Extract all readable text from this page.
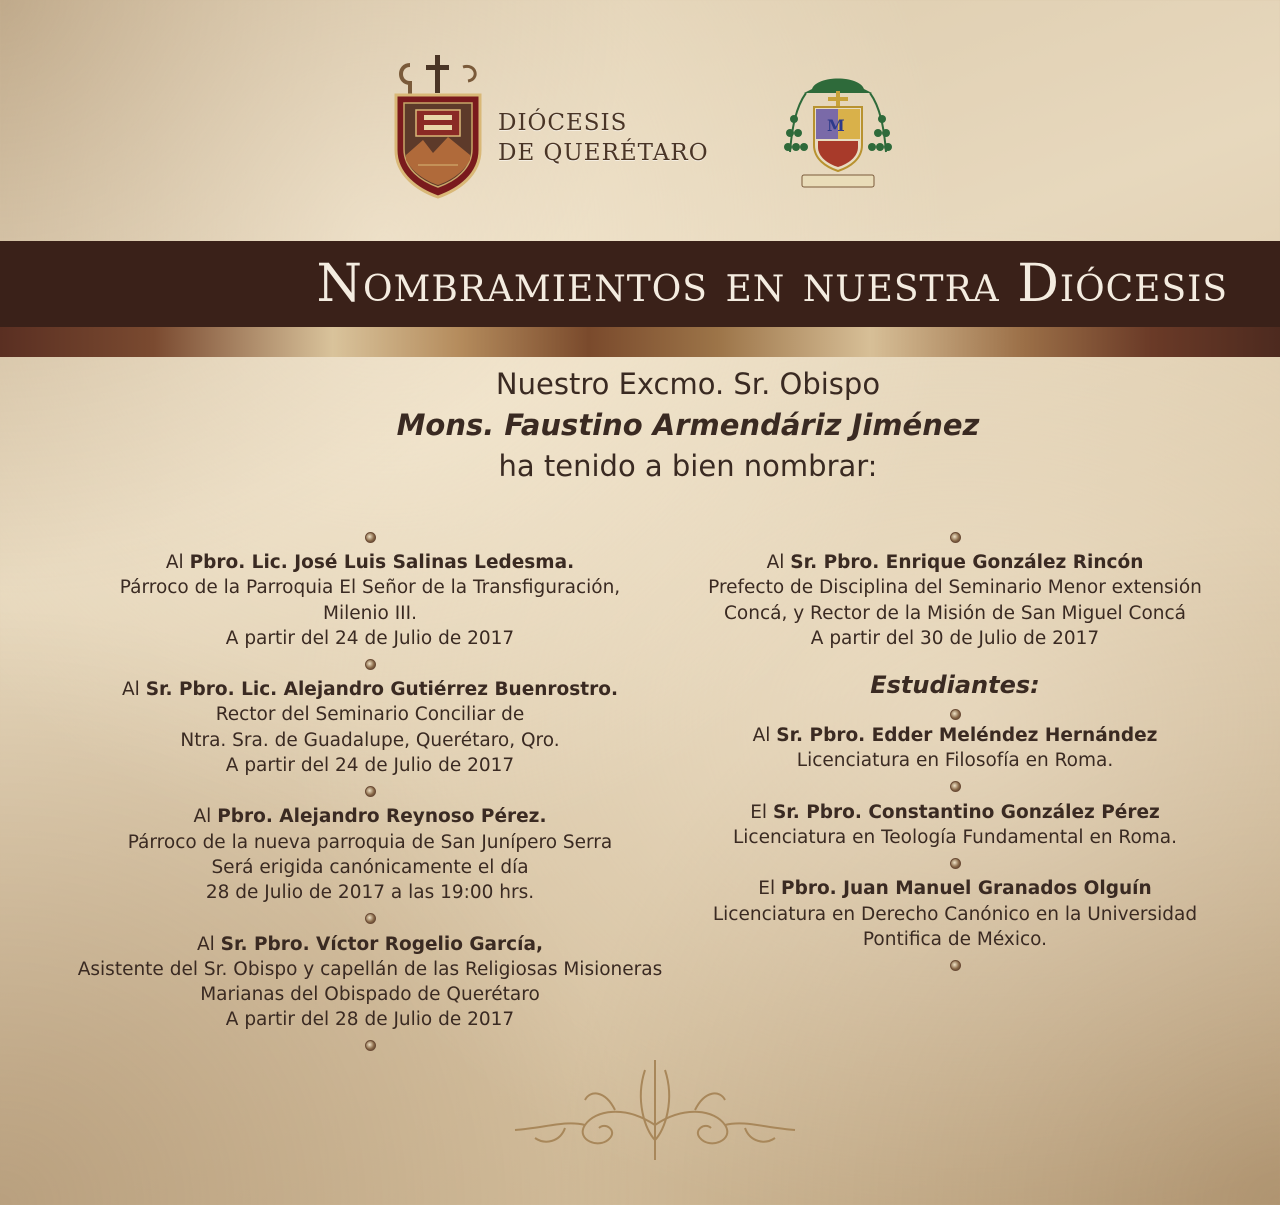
DIÓCESIS
DE QUERÉTARO
M
Nombramientos en nuestra Diócesis
Nuestro Excmo. Sr. Obispo
Mons. Faustino Armendáriz Jiménez
ha tenido a bien nombrar:
Al Pbro. Lic. José Luis Salinas Ledesma.
Párroco de la Parroquia El Señor de la Transfiguración,
Milenio III.
A partir del 24 de Julio de 2017
Al Sr. Pbro. Lic. Alejandro Gutiérrez Buenrostro.
Rector del Seminario Conciliar de
Ntra. Sra. de Guadalupe, Querétaro, Qro.
A partir del 24 de Julio de 2017
Al Pbro. Alejandro Reynoso Pérez.
Párroco de la nueva parroquia de San Junípero Serra
Será erigida canónicamente el día
28 de Julio de 2017 a las 19:00 hrs.
Al Sr. Pbro. Víctor Rogelio García,
Asistente del Sr. Obispo y capellán de las Religiosas Misioneras
Marianas del Obispado de Querétaro
A partir del 28 de Julio de 2017
Al Sr. Pbro. Enrique González Rincón
Prefecto de Disciplina del Seminario Menor extensión
Concá, y Rector de la Misión de San Miguel Concá
A partir del 30 de Julio de 2017
Estudiantes:
Al Sr. Pbro. Edder Meléndez Hernández
Licenciatura en Filosofía en Roma.
El Sr. Pbro. Constantino González Pérez
Licenciatura en Teología Fundamental en Roma.
El Pbro. Juan Manuel Granados Olguín
Licenciatura en Derecho Canónico en la Universidad
Pontifica de México.
